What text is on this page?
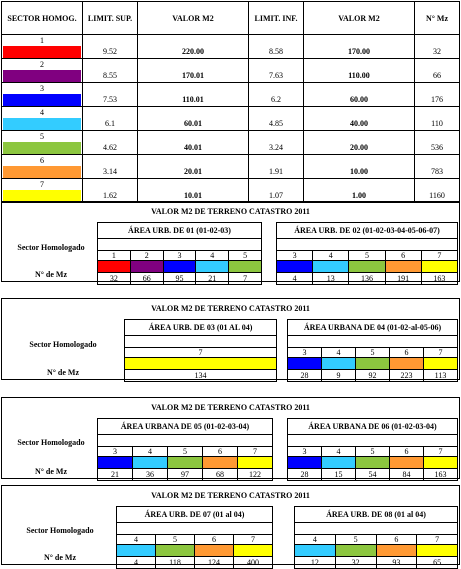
SECTOR HOMOG.	LIMIT. SUP.	VALOR M2	LIMIT. INF.	VALOR M2	N° Mz

1	9.52	220.00	8.58	170.00	32

2	8.55	170.01	7.63	110.00	66

3	7.53	110.01	6.2	60.00	176

4	6.1	60.01	4.85	40.00	110

5	4.62	40.01	3.24	20.00	536

6	3.14	20.01	1.91	10.00	783

7	1.62	10.01	1.07	1.00	1160
VALOR M2 DE TERRENO CATASTRO 2011
Sector Homologado
N° de Mz
ÁREA URB. DE 01 (01-02-03)				

1	2	3	4	5

32	66	95	21	7
ÁREA URB. DE 02 (01-02-03-04-05-06-07)				

3	4	5	6	7

4	13	136	191	163
VALOR M2 DE TERRENO CATASTRO 2011
Sector Homologado
N° de Mz
ÁREA URB. DE 03 (01 AL 04)

7

134
ÁREA URBANA DE 04 (01-02-al-05-06)				

3	4	5	6	7

28	9	92	223	113
VALOR M2 DE TERRENO CATASTRO 2011
Sector Homologado
N° de Mz
ÁREA URBANA DE 05 (01-02-03-04)				

3	4	5	6	7

21	36	97	68	122
ÁREA URBANA DE 06 (01-02-03-04)				

3	4	5	6	7

28	15	54	84	163
VALOR M2 DE TERRENO CATASTRO 2011
Sector Homologado
N° de Mz
ÁREA URB. DE 07 (01 al 04)			

4	5	6	7

4	118	124	400
ÁREA URB. DE 08 (01 al 04)			

4	5	6	7

12	32	93	65
